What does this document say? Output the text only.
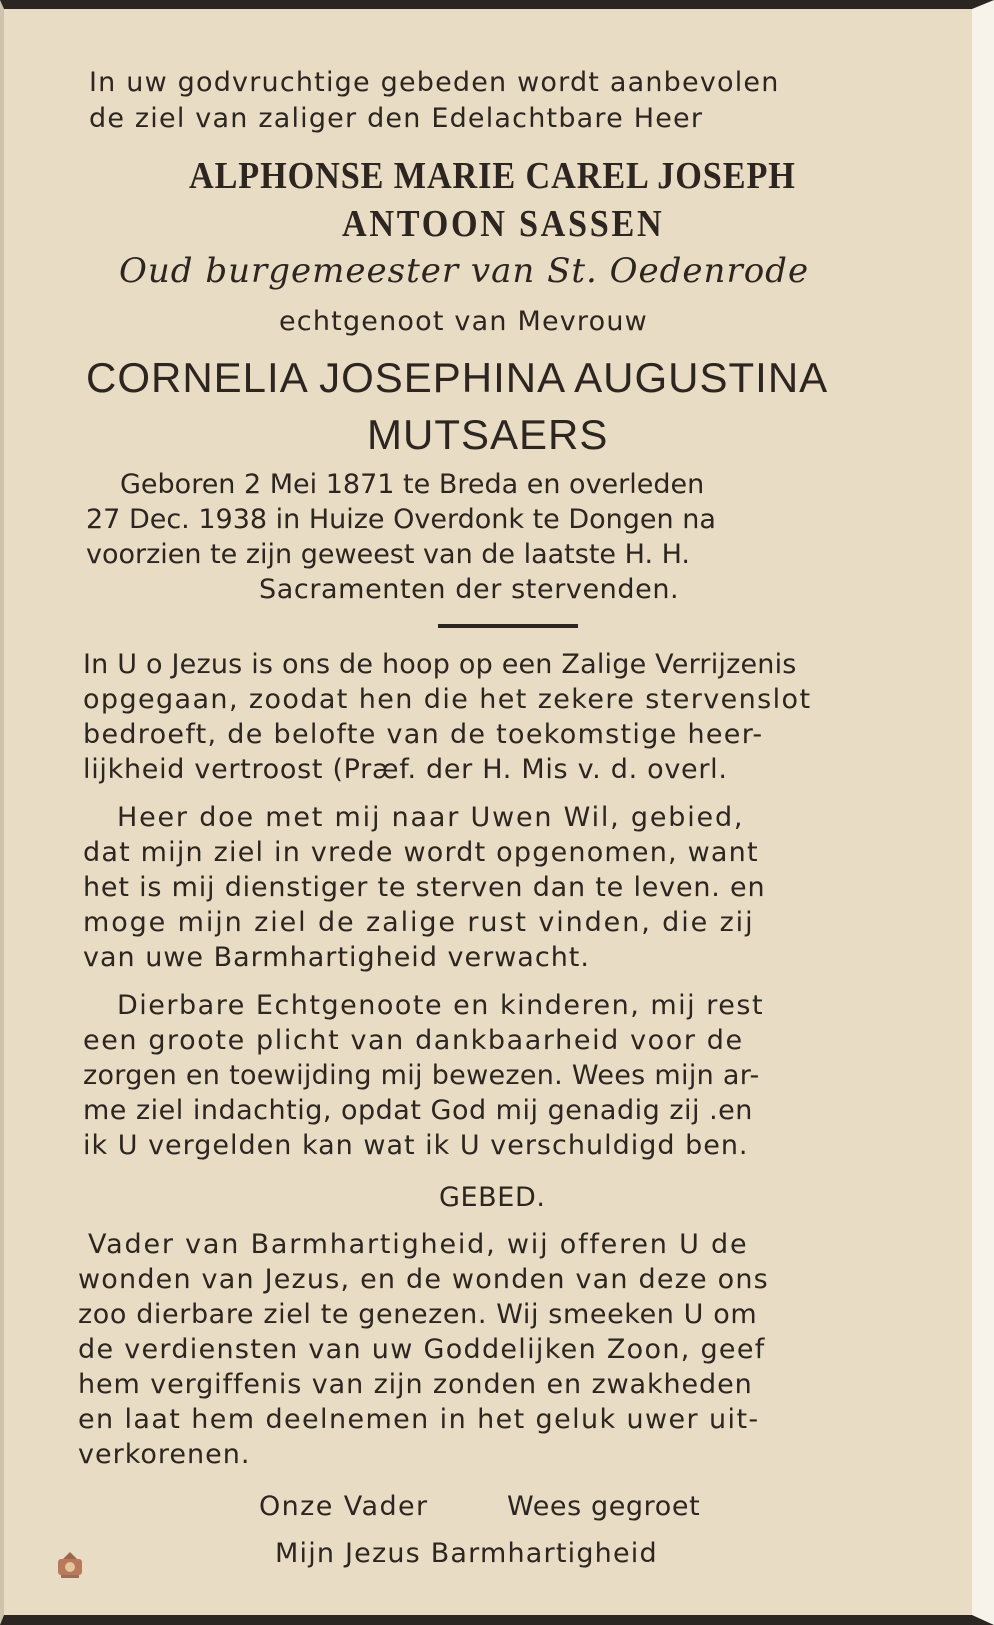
In uw godvruchtige gebeden wordt aanbevolen
de ziel van zaliger den Edelachtbare Heer
ALPHONSE MARIE CAREL JOSEPH
ANTOON SASSEN
Oud burgemeester van St. Oedenrode
echtgenoot van Mevrouw
CORNELIA JOSEPHINA AUGUSTINA
MUTSAERS
Geboren 2 Mei 1871 te Breda en overleden
27 Dec. 1938 in Huize Overdonk te Dongen na
voorzien te zijn geweest van de laatste H. H.
Sacramenten der stervenden.
In U o Jezus is ons de hoop op een Zalige Verrijzenis
opgegaan, zoodat hen die het zekere stervenslot
bedroeft, de belofte van de toekomstige heer-
lijkheid vertroost (Præf. der H. Mis v. d. overl.
Heer doe met mij naar Uwen Wil, gebied,
dat mijn ziel in vrede wordt opgenomen, want
het is mij dienstiger te sterven dan te leven. en
moge mijn ziel de zalige rust vinden, die zij
van uwe Barmhartigheid verwacht.
Dierbare Echtgenoote en kinderen, mij rest
een groote plicht van dankbaarheid voor de
zorgen en toewijding mij bewezen. Wees mijn ar-
me ziel indachtig, opdat God mij genadig zij .en
ik U vergelden kan wat ik U verschuldigd ben.
GEBED.
Vader van Barmhartigheid, wij offeren U de
wonden van Jezus, en de wonden van deze ons
zoo dierbare ziel te genezen. Wij smeeken U om
de verdiensten van uw Goddelijken Zoon, geef
hem vergiffenis van zijn zonden en zwakheden
en laat hem deelnemen in het geluk uwer uit-
verkorenen.
Onze Vader	Wees gegroet
Mijn Jezus Barmhartigheid
